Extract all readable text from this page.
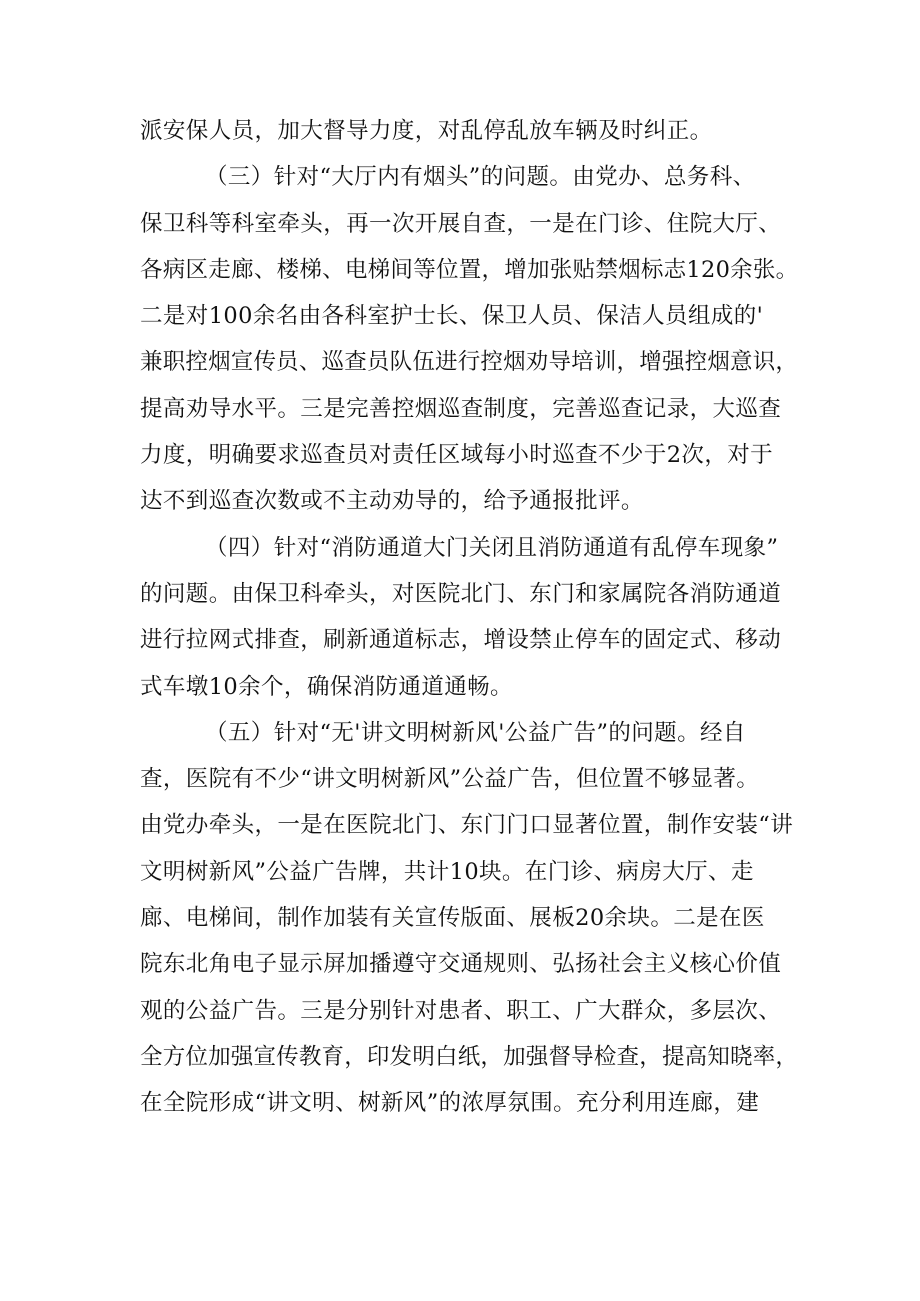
派安保人员，加大督导力度，对乱停乱放车辆及时纠正。
（三）针对“大厅内有烟头”的问题。由党办、总务科、
保卫科等科室牵头，再一次开展自查，一是在门诊、住院大厅、
各病区走廊、楼梯、电梯间等位置，增加张贴禁烟标志120余张。
二是对100余名由各科室护士长、保卫人员、保洁人员组成的'
兼职控烟宣传员、巡查员队伍进行控烟劝导培训，增强控烟意识，
提高劝导水平。三是完善控烟巡查制度，完善巡查记录，大巡查
力度，明确要求巡查员对责任区域每小时巡查不少于2次，对于
达不到巡查次数或不主动劝导的，给予通报批评。
（四）针对“消防通道大门关闭且消防通道有乱停车现象”
的问题。由保卫科牵头，对医院北门、东门和家属院各消防通道
进行拉网式排查，刷新通道标志，增设禁止停车的固定式、移动
式车墩10余个，确保消防通道通畅。
（五）针对“无'讲文明树新风'公益广告”的问题。经自
查，医院有不少“讲文明树新风”公益广告，但位置不够显著。
由党办牵头，一是在医院北门、东门门口显著位置，制作安装“讲
文明树新风”公益广告牌，共计10块。在门诊、病房大厅、走
廊、电梯间，制作加装有关宣传版面、展板20余块。二是在医
院东北角电子显示屏加播遵守交通规则、弘扬社会主义核心价值
观的公益广告。三是分别针对患者、职工、广大群众，多层次、
全方位加强宣传教育，印发明白纸，加强督导检查，提高知晓率，
在全院形成“讲文明、树新风”的浓厚氛围。充分利用连廊，建
